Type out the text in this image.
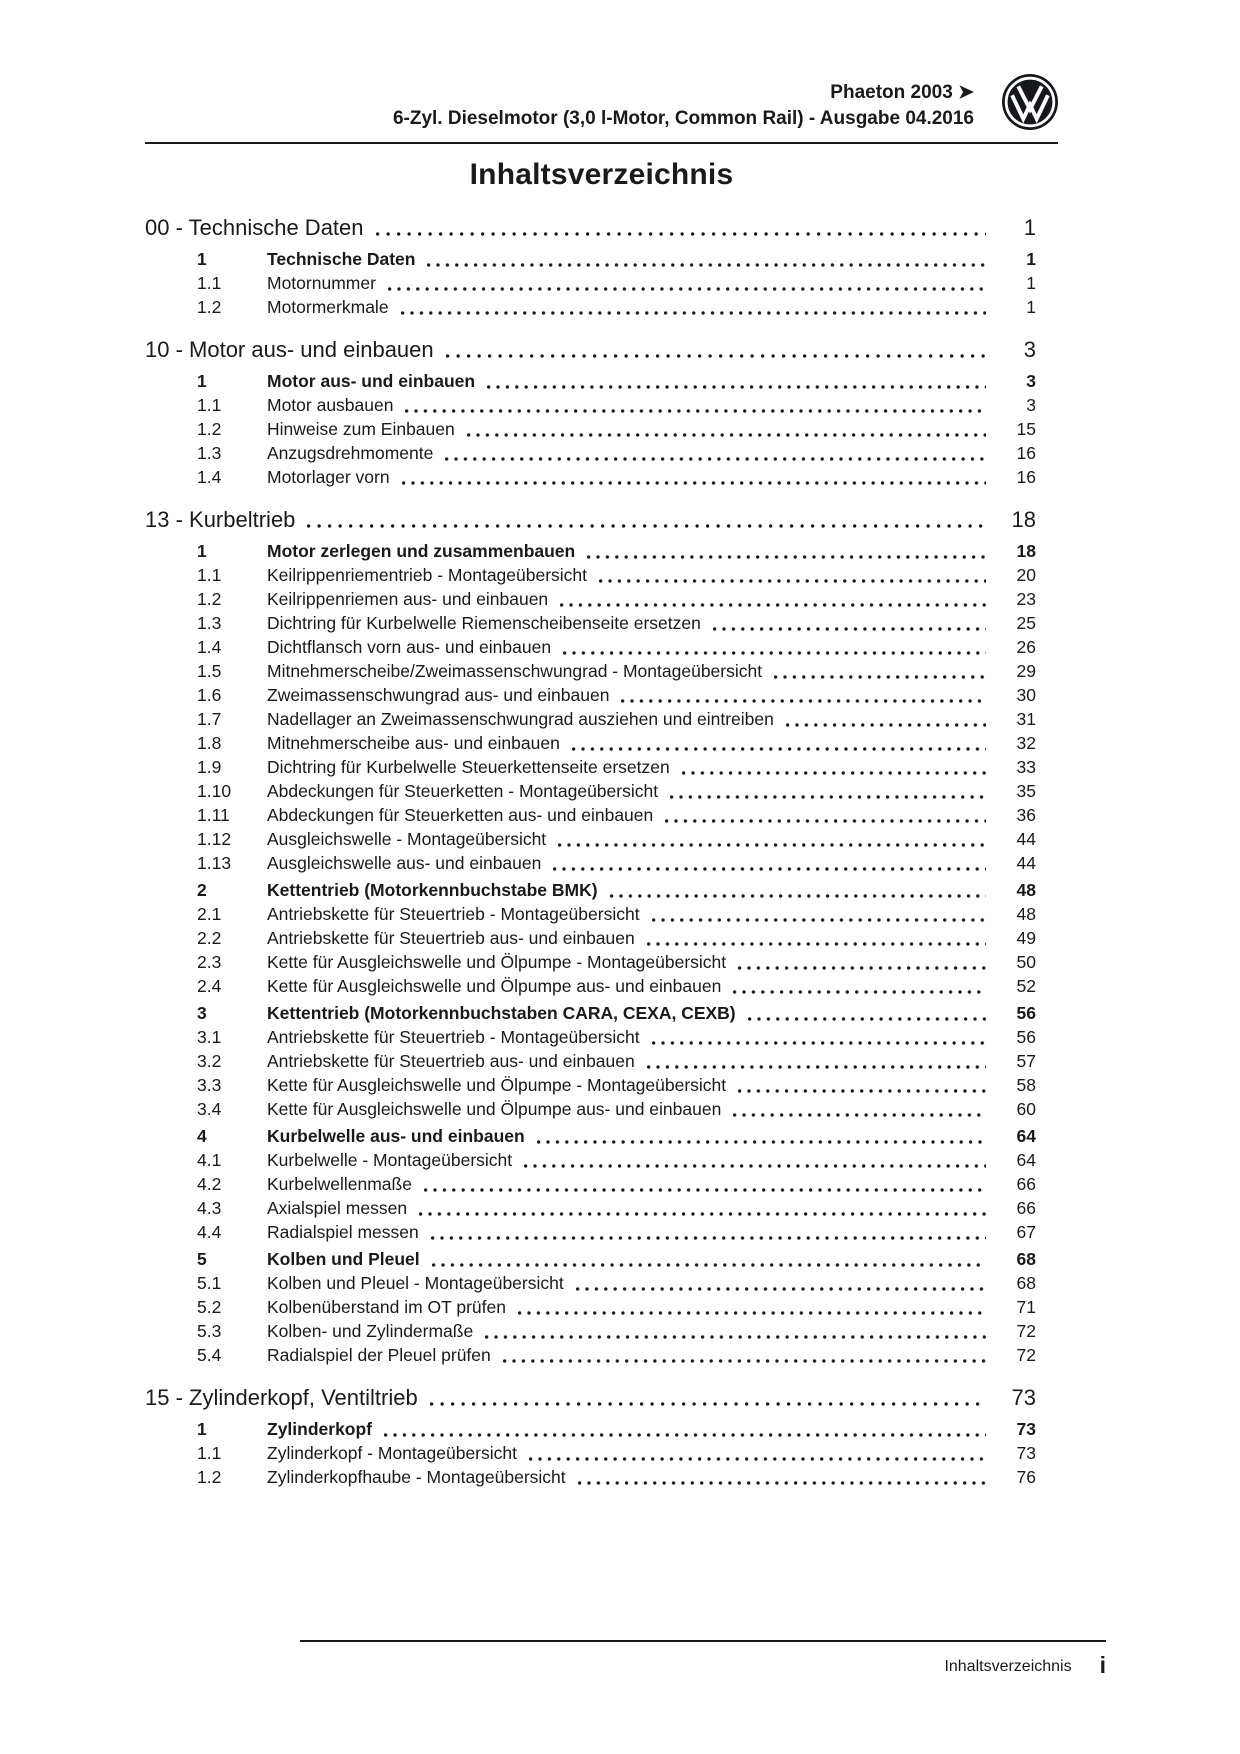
Phaeton 2003 ➤
6-Zyl. Dieselmotor (3,0 l-Motor, Common Rail) - Ausgabe 04.2016
Inhaltsverzeichnis
00 - Technische Daten	1
1	Technische Daten	1
1.1	Motornummer	1
1.2	Motormerkmale	1
10 - Motor aus- und einbauen	3
1	Motor aus- und einbauen	3
1.1	Motor ausbauen	3
1.2	Hinweise zum Einbauen	15
1.3	Anzugsdrehmomente	16
1.4	Motorlager vorn	16
13 - Kurbeltrieb	18
1	Motor zerlegen und zusammenbauen	18
1.1	Keilrippenriementrieb - Montageübersicht	20
1.2	Keilrippenriemen aus- und einbauen	23
1.3	Dichtring für Kurbelwelle Riemenscheibenseite ersetzen	25
1.4	Dichtflansch vorn aus- und einbauen	26
1.5	Mitnehmerscheibe/Zweimassenschwungrad - Montageübersicht	29
1.6	Zweimassenschwungrad aus- und einbauen	30
1.7	Nadellager an Zweimassenschwungrad ausziehen und eintreiben	31
1.8	Mitnehmerscheibe aus- und einbauen	32
1.9	Dichtring für Kurbelwelle Steuerkettenseite ersetzen	33
1.10	Abdeckungen für Steuerketten - Montageübersicht	35
1.11	Abdeckungen für Steuerketten aus- und einbauen	36
1.12	Ausgleichswelle - Montageübersicht	44
1.13	Ausgleichswelle aus- und einbauen	44
2	Kettentrieb (Motorkennbuchstabe BMK)	48
2.1	Antriebskette für Steuertrieb - Montageübersicht	48
2.2	Antriebskette für Steuertrieb aus- und einbauen	49
2.3	Kette für Ausgleichswelle und Ölpumpe - Montageübersicht	50
2.4	Kette für Ausgleichswelle und Ölpumpe aus- und einbauen	52
3	Kettentrieb (Motorkennbuchstaben CARA, CEXA, CEXB)	56
3.1	Antriebskette für Steuertrieb - Montageübersicht	56
3.2	Antriebskette für Steuertrieb aus- und einbauen	57
3.3	Kette für Ausgleichswelle und Ölpumpe - Montageübersicht	58
3.4	Kette für Ausgleichswelle und Ölpumpe aus- und einbauen	60
4	Kurbelwelle aus- und einbauen	64
4.1	Kurbelwelle - Montageübersicht	64
4.2	Kurbelwellenmaße	66
4.3	Axialspiel messen	66
4.4	Radialspiel messen	67
5	Kolben und Pleuel	68
5.1	Kolben und Pleuel - Montageübersicht	68
5.2	Kolbenüberstand im OT prüfen	71
5.3	Kolben- und Zylindermaße	72
5.4	Radialspiel der Pleuel prüfen	72
15 - Zylinderkopf, Ventiltrieb	73
1	Zylinderkopf	73
1.1	Zylinderkopf - Montageübersicht	73
1.2	Zylinderkopfhaube - Montageübersicht	76
Inhaltsverzeichnis i
